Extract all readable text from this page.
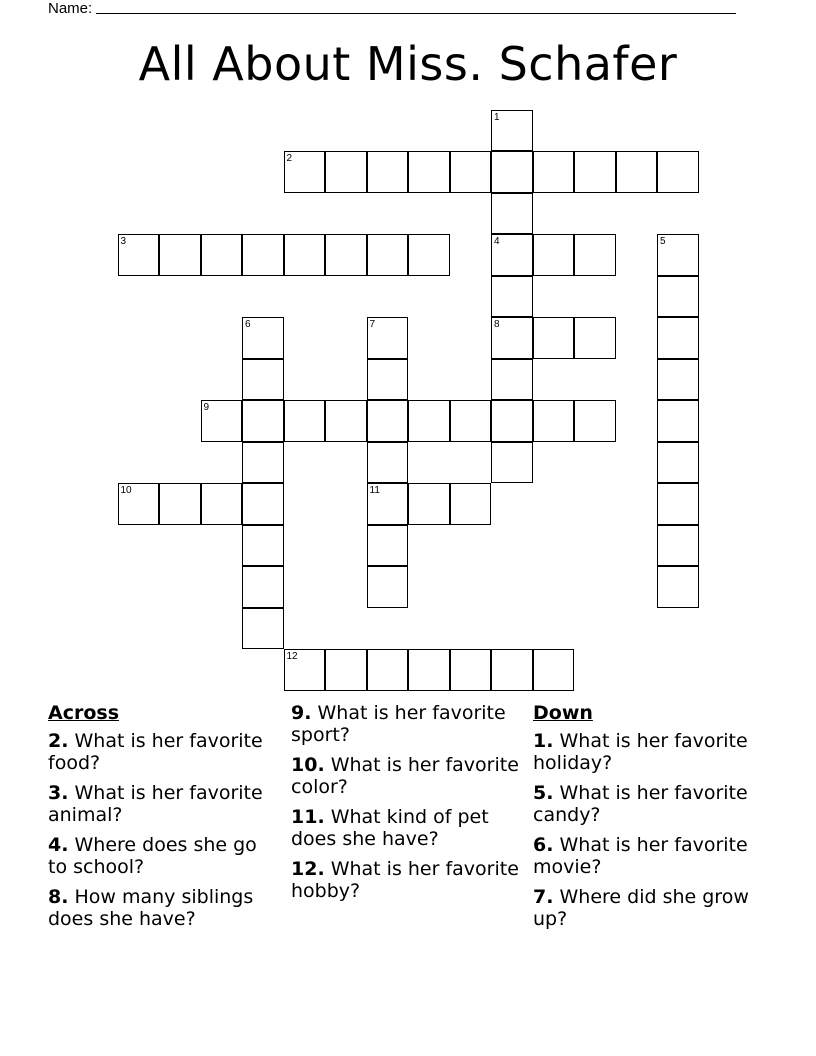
Name:
All About Miss. Schafer
1
2
3	4	5
6	7	8
9
10	11
12
Across
2. What is her favorite food?
3. What is her favorite animal?
4. Where does she go to school?
8. How many siblings does she have?
9. What is her favorite sport?
10. What is her favorite color?
11. What kind of pet does she have?
12. What is her favorite hobby?
Down
1. What is her favorite holiday?
5. What is her favorite candy?
6. What is her favorite movie?
7. Where did she grow up?
